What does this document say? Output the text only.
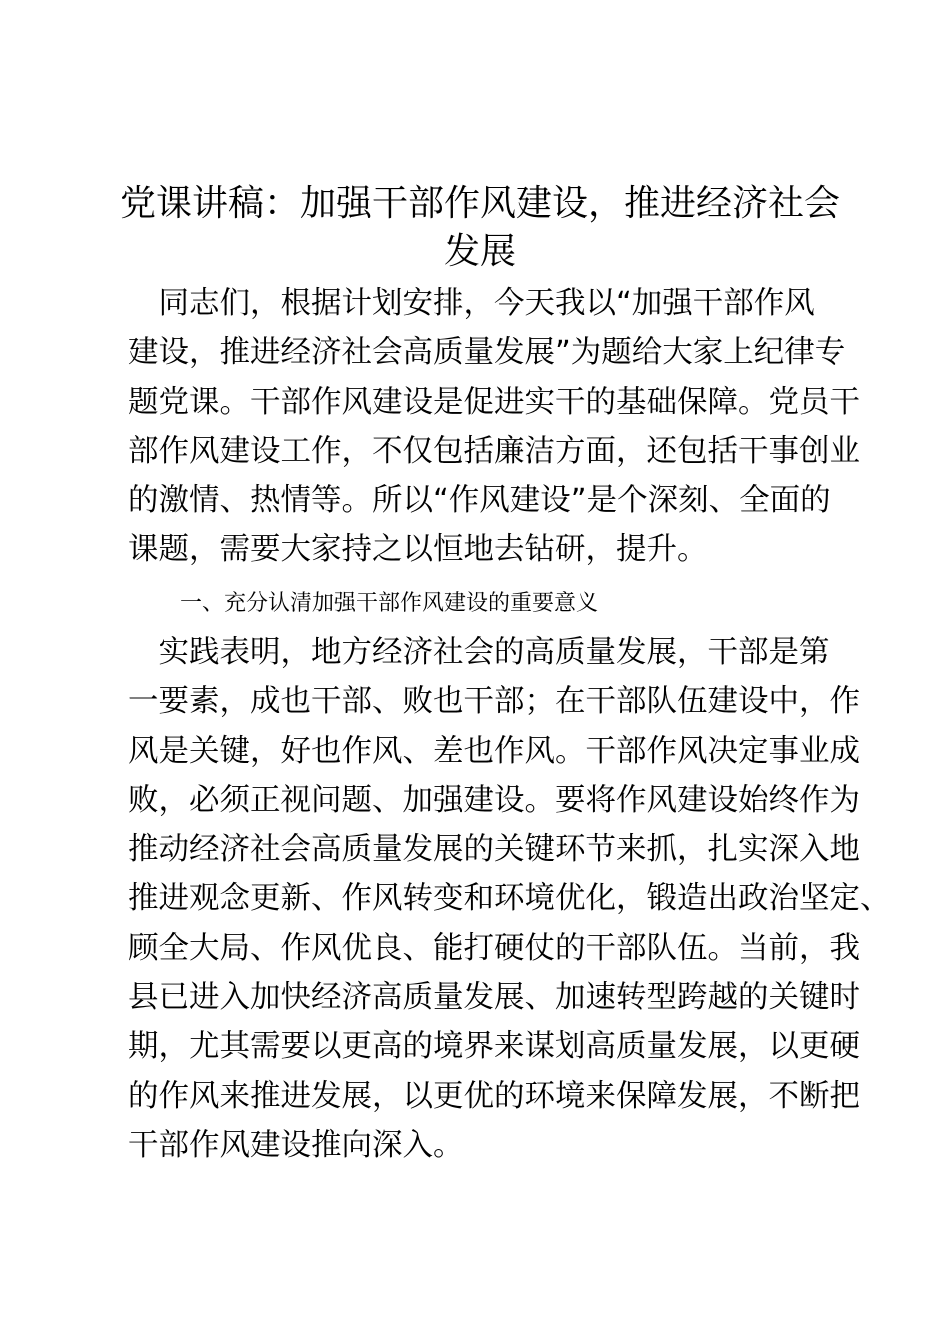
党课讲稿：加强干部作风建设，推进经济社会
发展

　同志们，根据计划安排，今天我以“加强干部作风
建设，推进经济社会高质量发展”为题给大家上纪律专
题党课。干部作风建设是促进实干的基础保障。党员干
部作风建设工作，不仅包括廉洁方面，还包括干事创业
的激情、热情等。所以“作风建设”是个深刻、全面的
课题，需要大家持之以恒地去钻研，提升。

一、充分认清加强干部作风建设的重要意义

　实践表明，地方经济社会的高质量发展，干部是第
一要素，成也干部、败也干部；在干部队伍建设中，作
风是关键，好也作风、差也作风。干部作风决定事业成
败，必须正视问题、加强建设。要将作风建设始终作为
推动经济社会高质量发展的关键环节来抓，扎实深入地
推进观念更新、作风转变和环境优化，锻造出政治坚定、
顾全大局、作风优良、能打硬仗的干部队伍。当前，我
县已进入加快经济高质量发展、加速转型跨越的关键时
期，尤其需要以更高的境界来谋划高质量发展，以更硬
的作风来推进发展，以更优的环境来保障发展，不断把
干部作风建设推向深入。
